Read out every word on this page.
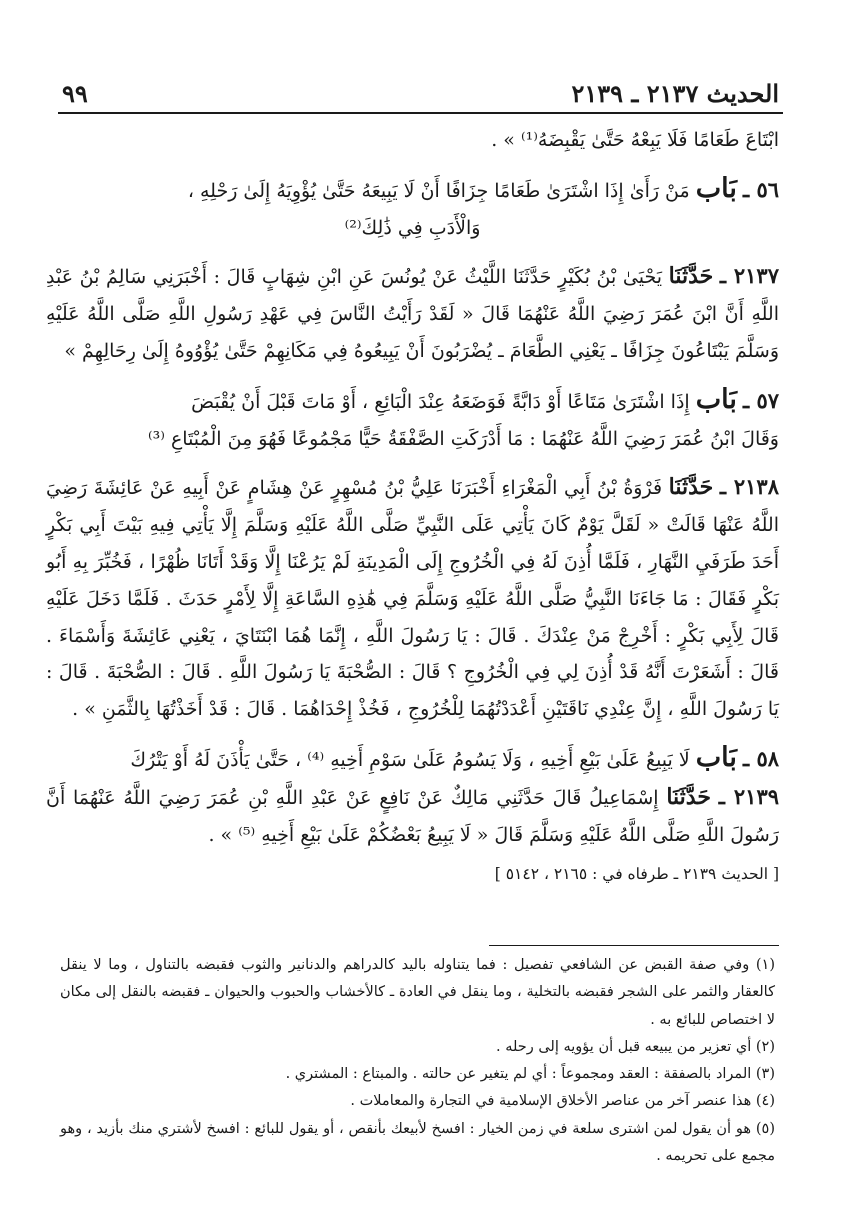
الحديث ٢١٣٧ ـ ٢١٣٩
٩٩

ابْتَاعَ طَعَامًا فَلَا يَبِعْهُ حَتَّىٰ يَقْبِضَهُ⁽¹⁾ » .

٥٦ ـ بَاب مَنْ رَأَىٰ إِذَا اشْتَرَىٰ طَعَامًا جِزَافًا أَنْ لَا يَبِيعَهُ حَتَّىٰ يُؤْوِيَهُ إِلَىٰ رَحْلِهِ ،

وَالْأَدَبِ فِي ذَٰلِكَ⁽²⁾

٢١٣٧ ـ حَدَّثَنَا يَحْيَىٰ بْنُ بُكَيْرٍ حَدَّثَنَا اللَّيْثُ عَنْ يُونُسَ عَنِ ابْنِ شِهَابٍ قَالَ : أَخْبَرَنِي سَالِمُ بْنُ عَبْدِ اللَّهِ أَنَّ ابْنَ عُمَرَ رَضِيَ اللَّهُ عَنْهُمَا قَالَ « لَقَدْ رَأَيْتُ النَّاسَ فِي عَهْدِ رَسُولِ اللَّهِ صَلَّى اللَّهُ عَلَيْهِ وَسَلَّمَ يَبْتَاعُونَ جِزَافًا ـ يَعْنِي الطَّعَامَ ـ يُضْرَبُونَ أَنْ يَبِيعُوهُ فِي مَكَانِهِمْ حَتَّىٰ يُؤْوُوهُ إِلَىٰ رِحَالِهِمْ »

٥٧ ـ بَاب إِذَا اشْتَرَىٰ مَتَاعًا أَوْ دَابَّةً فَوَضَعَهُ عِنْدَ الْبَائِعِ ، أَوْ مَاتَ قَبْلَ أَنْ يُقْبَضَ

وَقَالَ ابْنُ عُمَرَ رَضِيَ اللَّهُ عَنْهُمَا : مَا أَدْرَكَتِ الصَّفْقَةُ حَيًّا مَجْمُوعًا فَهُوَ مِنَ الْمُبْتَاعِ ⁽³⁾

٢١٣٨ ـ حَدَّثَنَا فَرْوَةُ بْنُ أَبِي الْمَغْرَاءِ أَخْبَرَنَا عَلِيُّ بْنُ مُسْهِرٍ عَنْ هِشَامٍ عَنْ أَبِيهِ عَنْ عَائِشَةَ رَضِيَ اللَّهُ عَنْهَا قَالَتْ « لَقَلَّ يَوْمٌ كَانَ يَأْتِي عَلَى النَّبِيِّ صَلَّى اللَّهُ عَلَيْهِ وَسَلَّمَ إِلَّا يَأْتِي فِيهِ بَيْتَ أَبِي بَكْرٍ أَحَدَ طَرَفَيِ النَّهَارِ ، فَلَمَّا أُذِنَ لَهُ فِي الْخُرُوجِ إِلَى الْمَدِينَةِ لَمْ يَرُعْنَا إِلَّا وَقَدْ أَتَانَا ظُهْرًا ، فَخُبِّرَ بِهِ أَبُو بَكْرٍ فَقَالَ : مَا جَاءَنَا النَّبِيُّ صَلَّى اللَّهُ عَلَيْهِ وَسَلَّمَ فِي هَٰذِهِ السَّاعَةِ إِلَّا لِأَمْرٍ حَدَثَ . فَلَمَّا دَخَلَ عَلَيْهِ قَالَ لِأَبِي بَكْرٍ : أَخْرِجْ مَنْ عِنْدَكَ . قَالَ : يَا رَسُولَ اللَّهِ ، إِنَّمَا هُمَا ابْنَتَايَ ، يَعْنِي عَائِشَةَ وَأَسْمَاءَ . قَالَ : أَشَعَرْتَ أَنَّهُ قَدْ أُذِنَ لِي فِي الْخُرُوجِ ؟ قَالَ : الصُّحْبَةَ يَا رَسُولَ اللَّهِ . قَالَ : الصُّحْبَةَ . قَالَ : يَا رَسُولَ اللَّهِ ، إِنَّ عِنْدِي نَاقَتَيْنِ أَعْدَدْتُهُمَا لِلْخُرُوجِ ، فَخُذْ إِحْدَاهُمَا . قَالَ : قَدْ أَخَذْتُهَا بِالثَّمَنِ » .

٥٨ ـ بَاب لَا يَبِيعُ عَلَىٰ بَيْعِ أَخِيهِ ، وَلَا يَسُومُ عَلَىٰ سَوْمِ أَخِيهِ ⁽⁴⁾ ، حَتَّىٰ يَأْذَنَ لَهُ أَوْ يَتْرُكَ

٢١٣٩ ـ حَدَّثَنَا إِسْمَاعِيلُ قَالَ حَدَّثَنِي مَالِكٌ عَنْ نَافِعٍ عَنْ عَبْدِ اللَّهِ بْنِ عُمَرَ رَضِيَ اللَّهُ عَنْهُمَا أَنَّ رَسُولَ اللَّهِ صَلَّى اللَّهُ عَلَيْهِ وَسَلَّمَ قَالَ « لَا يَبِيعُ بَعْضُكُمْ عَلَىٰ بَيْعِ أَخِيهِ ⁽⁵⁾ » .

[ الحديث ٢١٣٩ ـ طرفاه في : ٢١٦٥ ، ٥١٤٢ ]

(١) وفي صفة القبض عن الشافعي تفصيل : فما يتناوله باليد كالدراهم والدنانير والثوب فقبضه بالتناول ، وما لا ينقل كالعقار والثمر على الشجر فقبضه بالتخلية ، وما ينقل في العادة ـ كالأخشاب والحبوب والحيوان ـ فقبضه بالنقل إلى مكان لا اختصاص للبائع به .

(٢) أي تعزير من يبيعه قبل أن يؤويه إلى رحله .

(٣) المراد بالصفقة : العقد ومجموعاً : أي لم يتغير عن حالته . والمبتاع : المشتري .

(٤) هذا عنصر آخر من عناصر الأخلاق الإسلامية في التجارة والمعاملات .

(٥) هو أن يقول لمن اشترى سلعة في زمن الخيار : افسخ لأبيعك بأنقص ، أو يقول للبائع : افسخ لأشتري منك بأزيد ، وهو مجمع على تحريمه .
